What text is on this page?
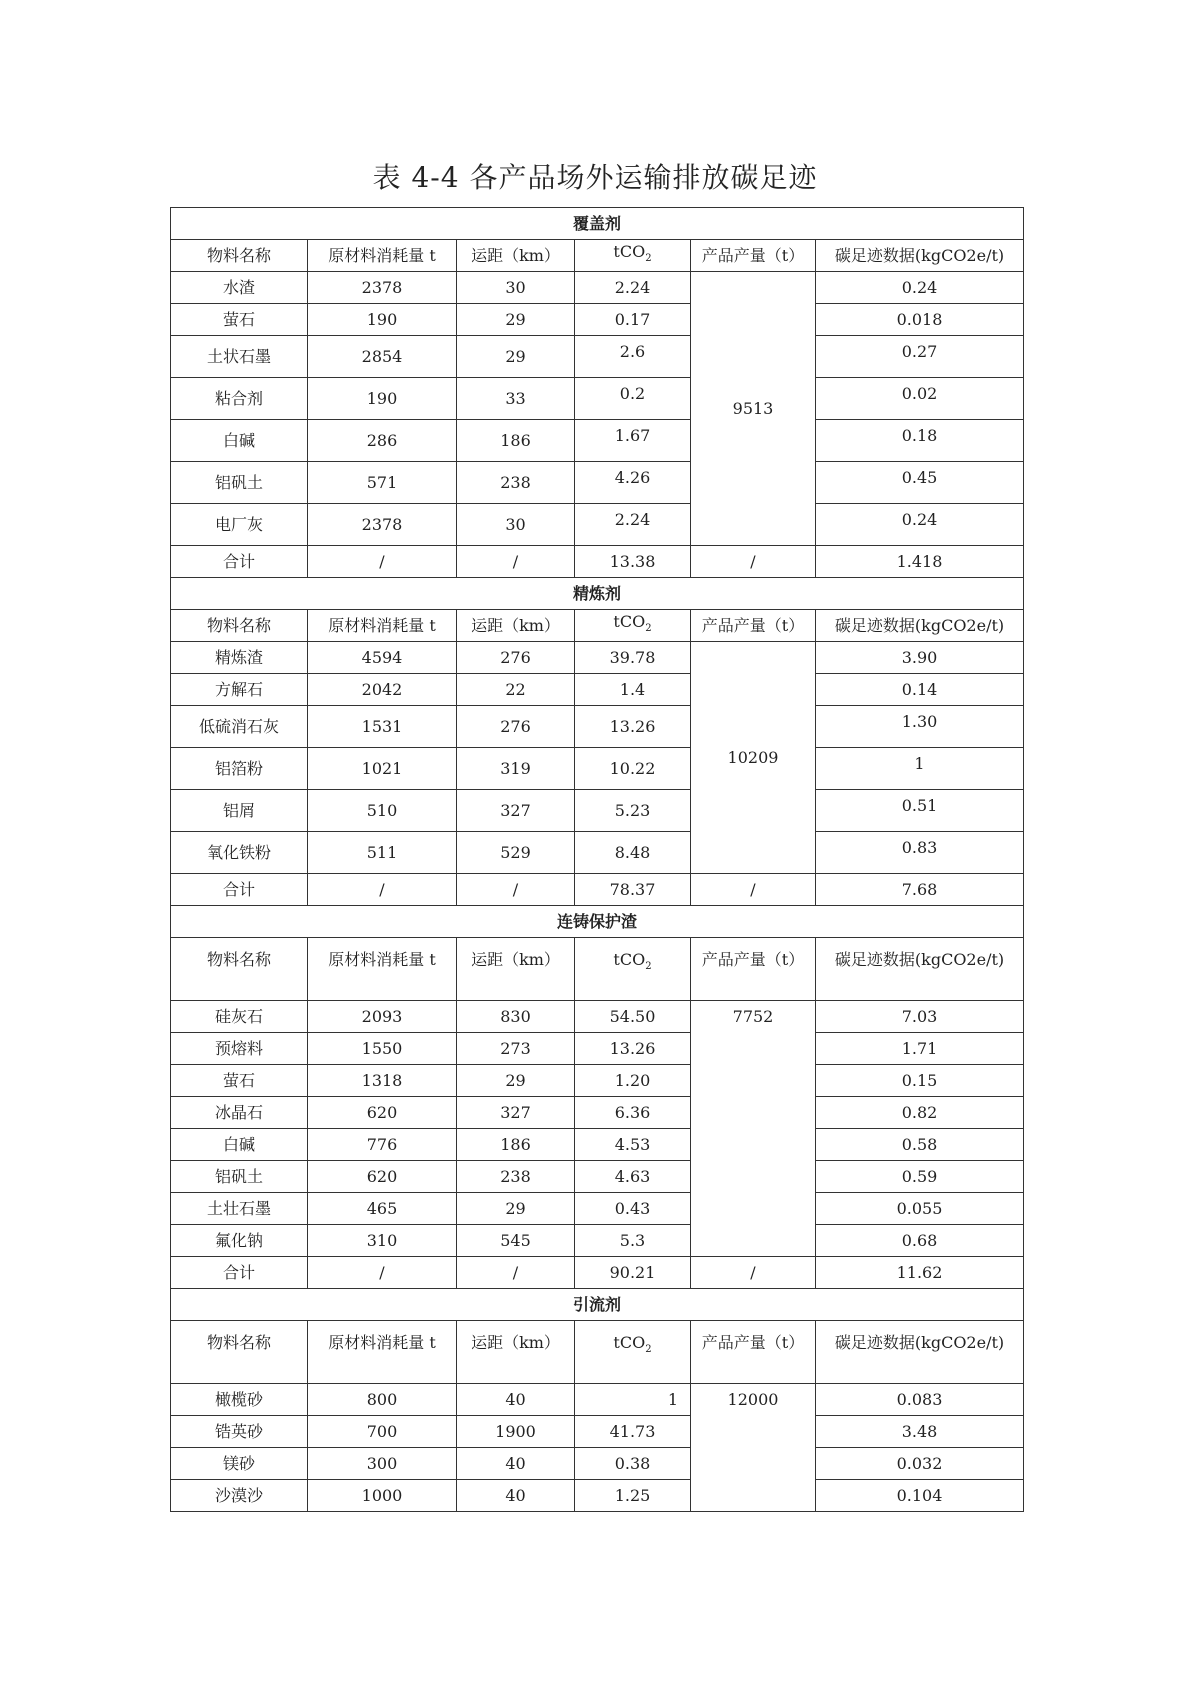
表 4-4 各产品场外运输排放碳足迹
覆盖剂					
物料名称	原材料消耗量 t	运距（km）	tCO$_2$	产品产量（t）	碳足迹数据(kgCO2e/t)
水渣	2378	30	2.24	9513	0.24
萤石	190	29	0.17		0.018
土状石墨	2854	29	2.6		0.27
粘合剂	190	33	0.2		0.02
白碱	286	186	1.67		0.18
铝矾土	571	238	4.26		0.45
电厂灰	2378	30	2.24		0.24
合计	/	/	13.38	/	1.418
精炼剂					
物料名称	原材料消耗量 t	运距（km）	tCO$_2$	产品产量（t）	碳足迹数据(kgCO2e/t)
精炼渣	4594	276	39.78	10209	3.90
方解石	2042	22	1.4		0.14
低硫消石灰	1531	276	13.26		1.30
铝箔粉	1021	319	10.22		1
铝屑	510	327	5.23		0.51
氧化铁粉	511	529	8.48		0.83
合计	/	/	78.37	/	7.68
连铸保护渣					
物料名称	原材料消耗量 t	运距（km）	tCO$_2$	产品产量（t）	碳足迹数据(kgCO2e/t)
硅灰石	2093	830	54.50	7752	7.03
预熔料	1550	273	13.26		1.71
萤石	1318	29	1.20		0.15
冰晶石	620	327	6.36		0.82
白碱	776	186	4.53		0.58
铝矾土	620	238	4.63		0.59
土壮石墨	465	29	0.43		0.055
氟化钠	310	545	5.3		0.68
合计	/	/	90.21	/	11.62
引流剂					
物料名称	原材料消耗量 t	运距（km）	tCO$_2$	产品产量（t）	碳足迹数据(kgCO2e/t)
橄榄砂	800	40	1	12000	0.083
锆英砂	700	1900	41.73		3.48
镁砂	300	40	0.38		0.032
沙漠沙	1000	40	1.25		0.104
